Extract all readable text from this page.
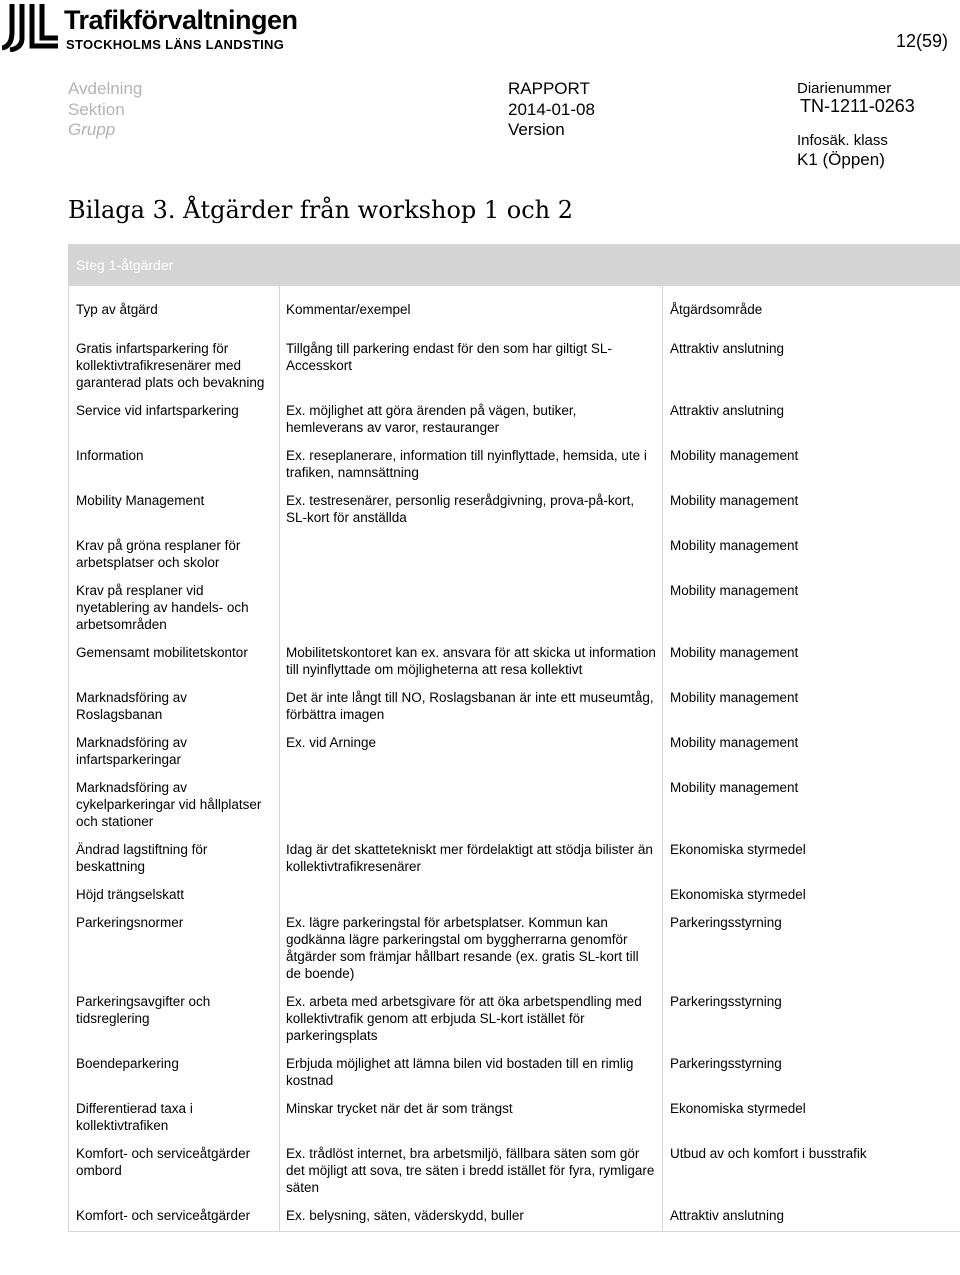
Trafikförvaltningen
STOCKHOLMS LÄNS LANDSTING	12(59)
Avdelning
Sektion
Grupp
RAPPORT
2014-01-08
Version
Diarienummer
TN-1211-0263
Infosäk. klass
K1 (Öppen)
Bilaga 3. Åtgärder från workshop 1 och 2
Steg 1-åtgärder		
Typ av åtgärd	Kommentar/exempel	Åtgärdsområde
Gratis infartsparkering för kollektivtrafikresenärer med garanterad plats och bevakning	Tillgång till parkering endast för den som har giltigt SL-Accesskort	Attraktiv anslutning
Service vid infartsparkering	Ex. möjlighet att göra ärenden på vägen, butiker, hemleverans av varor, restauranger	Attraktiv anslutning
Information	Ex. reseplanerare, information till nyinflyttade, hemsida, ute i trafiken, namnsättning	Mobility management
Mobility Management	Ex. testresenärer, personlig reserådgivning, prova-på-kort, SL-kort för anställda	Mobility management
Krav på gröna resplaner för arbetsplatser och skolor		Mobility management
Krav på resplaner vid nyetablering av handels- och arbetsområden		Mobility management
Gemensamt mobilitetskontor	Mobilitetskontoret kan ex. ansvara för att skicka ut information till nyinflyttade om möjligheterna att resa kollektivt	Mobility management
Marknadsföring av Roslagsbanan	Det är inte långt till NO, Roslagsbanan är inte ett museumtåg, förbättra imagen	Mobility management
Marknadsföring av infartsparkeringar	Ex. vid Arninge	Mobility management
Marknadsföring av cykelparkeringar vid hållplatser och stationer		Mobility management
Ändrad lagstiftning för beskattning	Idag är det skattetekniskt mer fördelaktigt att stödja bilister än kollektivtrafikresenärer	Ekonomiska styrmedel
Höjd trängselskatt		Ekonomiska styrmedel
Parkeringsnormer	Ex. lägre parkeringstal för arbetsplatser. Kommun kan godkänna lägre parkeringstal om byggherrarna genomför åtgärder som främjar hållbart resande (ex. gratis SL-kort till de boende)	Parkeringsstyrning
Parkeringsavgifter och tidsreglering	Ex. arbeta med arbetsgivare för att öka arbetspendling med kollektivtrafik genom att erbjuda SL-kort istället för parkeringsplats	Parkeringsstyrning
Boendeparkering	Erbjuda möjlighet att lämna bilen vid bostaden till en rimlig kostnad	Parkeringsstyrning
Differentierad taxa i kollektivtrafiken	Minskar trycket när det är som trängst	Ekonomiska styrmedel
Komfort- och serviceåtgärder ombord	Ex. trådlöst internet, bra arbetsmiljö, fällbara säten som gör det möjligt att sova, tre säten i bredd istället för fyra, rymligare säten	Utbud av och komfort i busstrafik
Komfort- och serviceåtgärder	Ex. belysning, säten, väderskydd, buller	Attraktiv anslutning
